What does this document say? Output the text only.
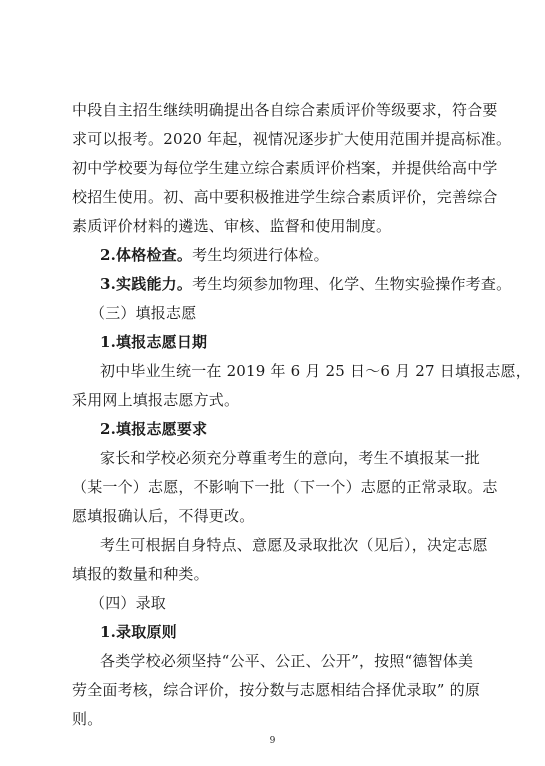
中段自主招生继续明确提出各自综合素质评价等级要求，符合要
求可以报考。2020 年起，视情况逐步扩大使用范围并提高标准。
初中学校要为每位学生建立综合素质评价档案，并提供给高中学
校招生使用。初、高中要积极推进学生综合素质评价，完善综合
素质评价材料的遴选、审核、监督和使用制度。
2.体格检查。考生均须进行体检。
3.实践能力。考生均须参加物理、化学、生物实验操作考查。
（三）填报志愿
1.填报志愿日期
初中毕业生统一在 2019 年 6 月 25 日～6 月 27 日填报志愿，
采用网上填报志愿方式。
2.填报志愿要求
家长和学校必须充分尊重考生的意向，考生不填报某一批
（某一个）志愿，不影响下一批（下一个）志愿的正常录取。志
愿填报确认后，不得更改。
考生可根据自身特点、意愿及录取批次（见后），决定志愿
填报的数量和种类。
（四）录取
1.录取原则
各类学校必须坚持“公平、公正、公开”，按照“德智体美
劳全面考核，综合评价，按分数与志愿相结合择优录取” 的原
则。
9
